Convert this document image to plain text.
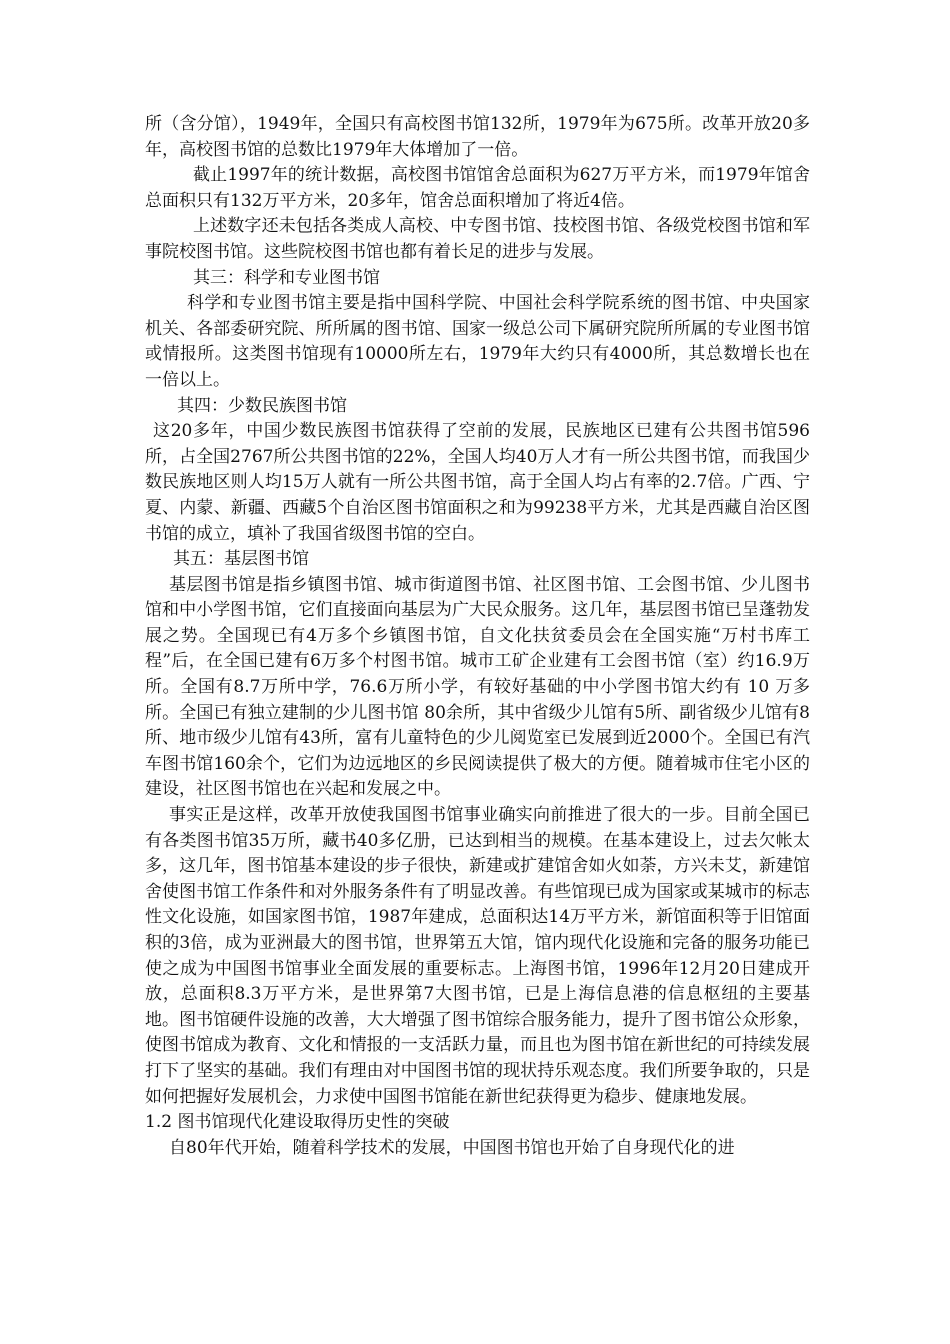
所（含分馆），1949年，全国只有高校图书馆132所，1979年为675所。改革开放20多年，高校图书馆的总数比1979年大体增加了一倍。

截止1997年的统计数据，高校图书馆馆舍总面积为627万平方米，而1979年馆舍总面积只有132万平方米，20多年，馆舍总面积增加了将近4倍。

上述数字还未包括各类成人高校、中专图书馆、技校图书馆、各级党校图书馆和军事院校图书馆。这些院校图书馆也都有着长足的进步与发展。

其三：科学和专业图书馆

科学和专业图书馆主要是指中国科学院、中国社会科学院系统的图书馆、中央国家机关、各部委研究院、所所属的图书馆、国家一级总公司下属研究院所所属的专业图书馆或情报所。这类图书馆现有10000所左右，1979年大约只有4000所，其总数增长也在一倍以上。

其四：少数民族图书馆

这20多年，中国少数民族图书馆获得了空前的发展，民族地区已建有公共图书馆596所，占全国2767所公共图书馆的22%，全国人均40万人才有一所公共图书馆，而我国少数民族地区则人均15万人就有一所公共图书馆，高于全国人均占有率的2.7倍。广西、宁夏、内蒙、新疆、西藏5个自治区图书馆面积之和为99238平方米，尤其是西藏自治区图书馆的成立，填补了我国省级图书馆的空白。

其五：基层图书馆

基层图书馆是指乡镇图书馆、城市街道图书馆、社区图书馆、工会图书馆、少儿图书馆和中小学图书馆，它们直接面向基层为广大民众服务。这几年，基层图书馆已呈蓬勃发展之势。全国现已有4万多个乡镇图书馆，自文化扶贫委员会在全国实施“万村书库工程”后，在全国已建有6万多个村图书馆。城市工矿企业建有工会图书馆（室）约16.9万所。全国有8.7万所中学，76.6万所小学，有较好基础的中小学图书馆大约有 10 万多所。全国已有独立建制的少儿图书馆 80余所，其中省级少儿馆有5所、副省级少儿馆有8所、地市级少儿馆有43所，富有儿童特色的少儿阅览室已发展到近2000个。全国已有汽车图书馆160余个，它们为边远地区的乡民阅读提供了极大的方便。随着城市住宅小区的建设，社区图书馆也在兴起和发展之中。

事实正是这样，改革开放使我国图书馆事业确实向前推进了很大的一步。目前全国已有各类图书馆35万所，藏书40多亿册，已达到相当的规模。在基本建设上，过去欠帐太多，这几年，图书馆基本建设的步子很快，新建或扩建馆舍如火如荼，方兴未艾，新建馆舍使图书馆工作条件和对外服务条件有了明显改善。有些馆现已成为国家或某城市的标志性文化设施，如国家图书馆，1987年建成，总面积达14万平方米，新馆面积等于旧馆面积的3倍，成为亚洲最大的图书馆，世界第五大馆，馆内现代化设施和完备的服务功能已使之成为中国图书馆事业全面发展的重要标志。上海图书馆，1996年12月20日建成开放，总面积8.3万平方米，是世界第7大图书馆，已是上海信息港的信息枢纽的主要基地。图书馆硬件设施的改善，大大增强了图书馆综合服务能力，提升了图书馆公众形象，使图书馆成为教育、文化和情报的一支活跃力量，而且也为图书馆在新世纪的可持续发展打下了坚实的基础。我们有理由对中国图书馆的现状持乐观态度。我们所要争取的，只是如何把握好发展机会，力求使中国图书馆能在新世纪获得更为稳步、健康地发展。

1.2 图书馆现代化建设取得历史性的突破

自80年代开始，随着科学技术的发展，中国图书馆也开始了自身现代化的进
